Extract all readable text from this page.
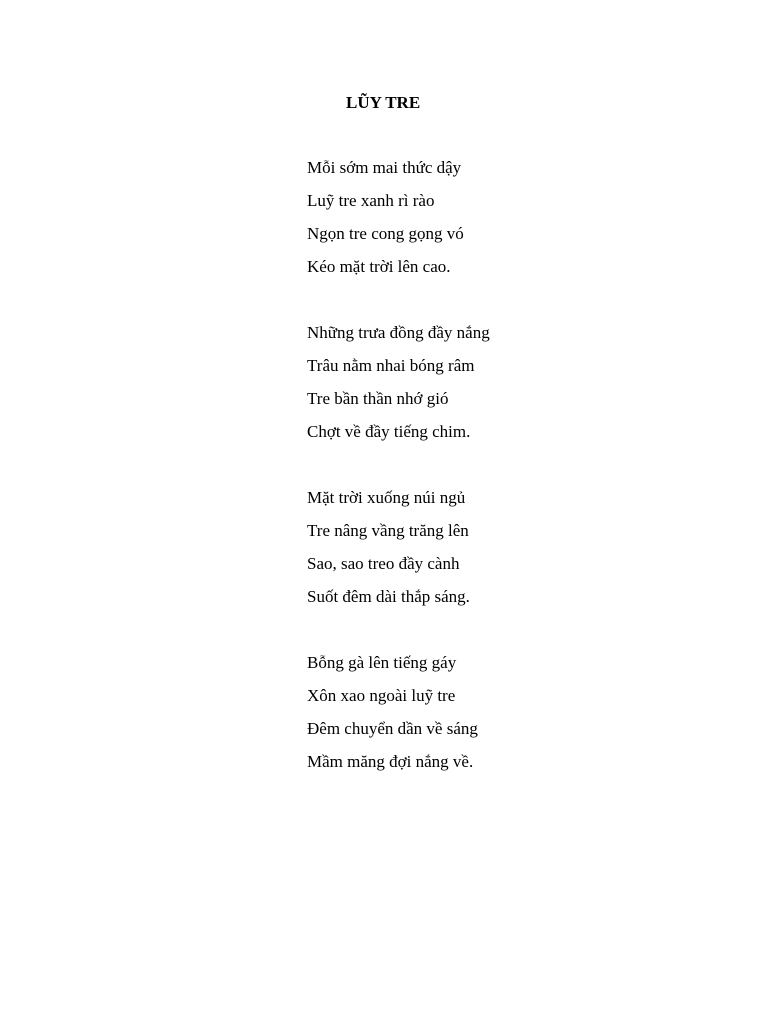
LŨY TRE
Mỗi sớm mai thức dậy
Luỹ tre xanh rì rào
Ngọn tre cong gọng vó
Kéo mặt trời lên cao.
Những trưa đồng đầy nắng
Trâu nằm nhai bóng râm
Tre bần thần nhớ gió
Chợt về đầy tiếng chim.
Mặt trời xuống núi ngủ
Tre nâng vầng trăng lên
Sao, sao treo đầy cành
Suốt đêm dài thắp sáng.
Bỗng gà lên tiếng gáy
Xôn xao ngoài luỹ tre
Đêm chuyển dần về sáng
Mầm măng đợi nắng về.
